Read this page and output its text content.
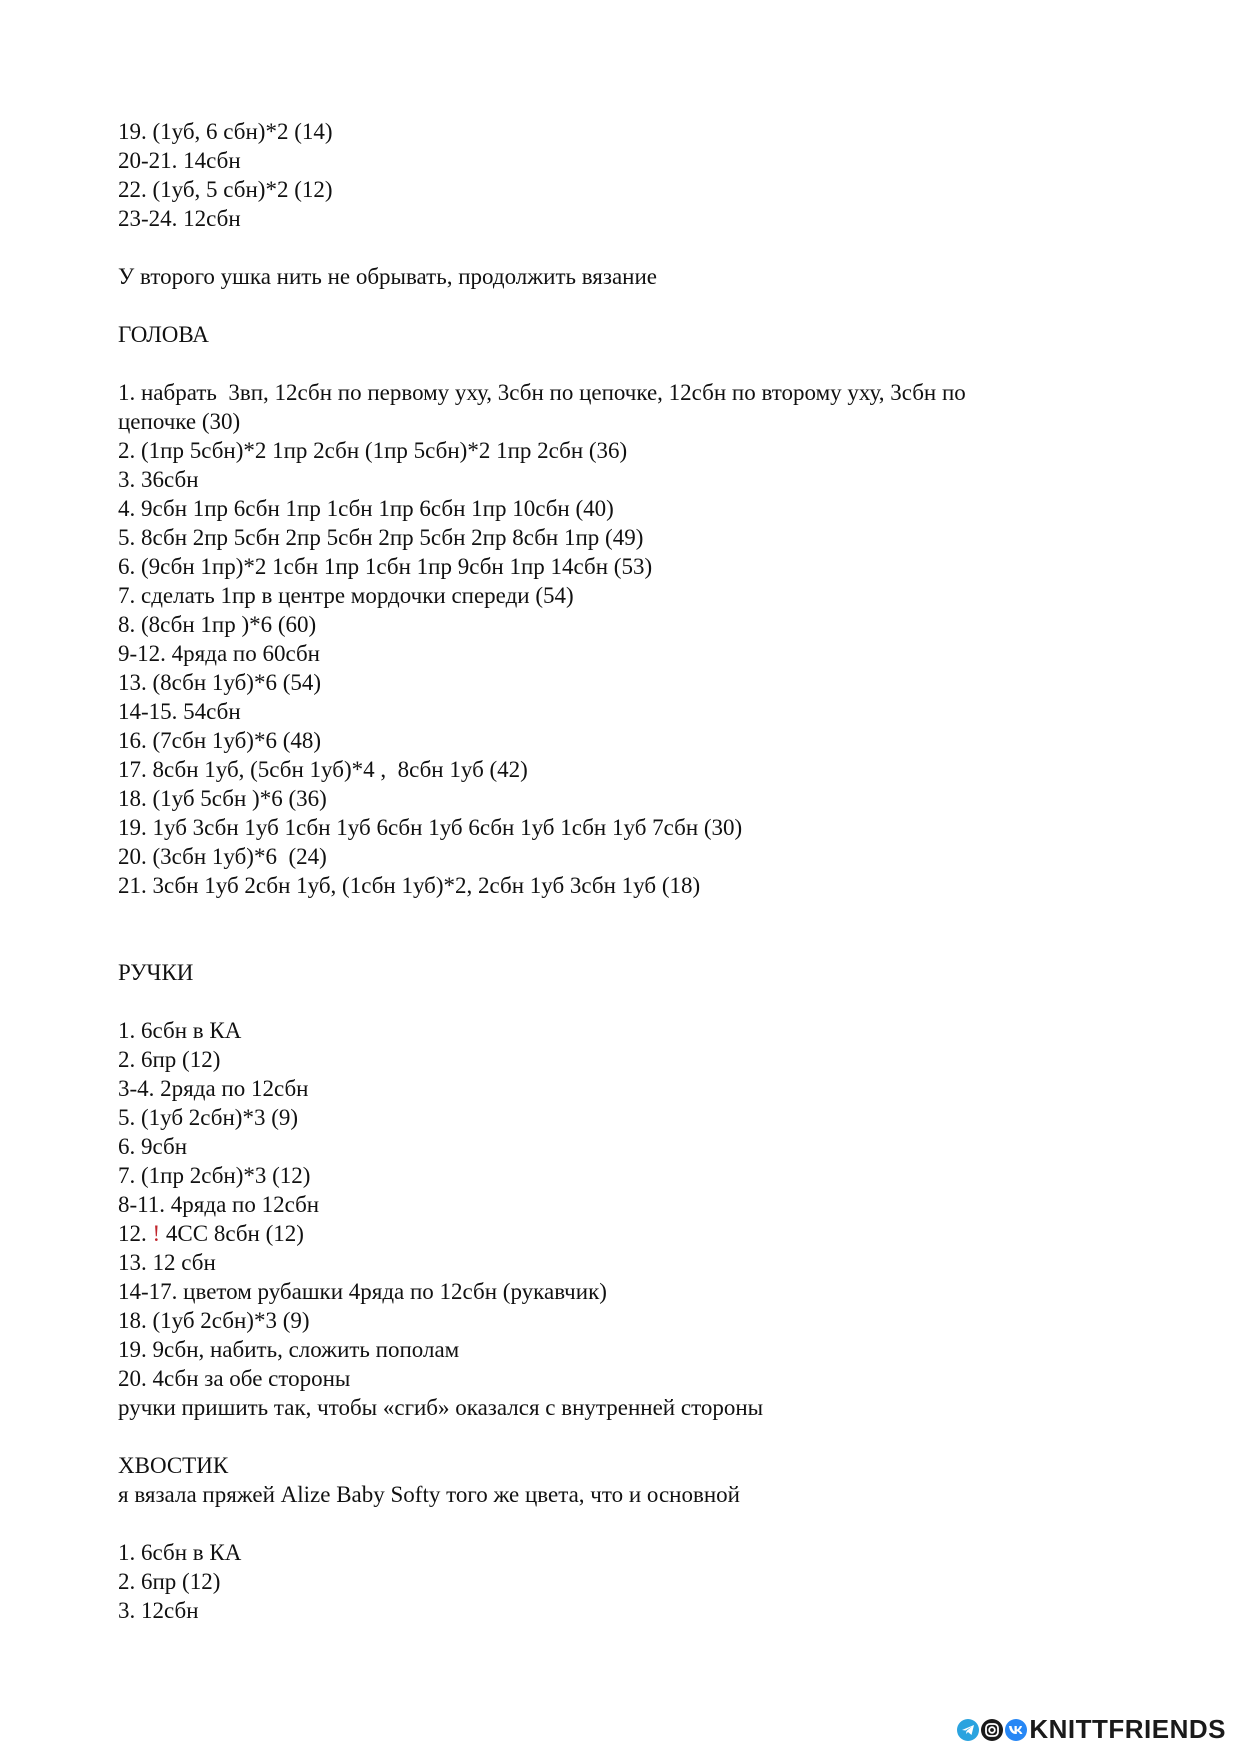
19. (1уб, 6 сбн)*2 (14)
20-21. 14сбн
22. (1уб, 5 сбн)*2 (12)
23-24. 12сбн
У второго ушка нить не обрывать, продолжить вязание
ГОЛОВА
1. набрать  3вп, 12сбн по первому уху, 3сбн по цепочке, 12сбн по второму уху, 3сбн по
цепочке (30)
2. (1пр 5сбн)*2 1пр 2сбн (1пр 5сбн)*2 1пр 2сбн (36)
3. 36сбн
4. 9сбн 1пр 6сбн 1пр 1сбн 1пр 6сбн 1пр 10сбн (40)
5. 8сбн 2пр 5сбн 2пр 5сбн 2пр 5сбн 2пр 8сбн 1пр (49)
6. (9сбн 1пр)*2 1сбн 1пр 1сбн 1пр 9сбн 1пр 14сбн (53)
7. сделать 1пр в центре мордочки спереди (54)
8. (8сбн 1пр )*6 (60)
9-12. 4ряда по 60сбн
13. (8сбн 1уб)*6 (54)
14-15. 54сбн
16. (7сбн 1уб)*6 (48)
17. 8сбн 1уб, (5сбн 1уб)*4 ,  8сбн 1уб (42)
18. (1уб 5сбн )*6 (36)
19. 1уб 3сбн 1уб 1сбн 1уб 6сбн 1уб 6сбн 1уб 1сбн 1уб 7сбн (30)
20. (3сбн 1уб)*6  (24)
21. 3сбн 1уб 2сбн 1уб, (1сбн 1уб)*2, 2сбн 1уб 3сбн 1уб (18)
РУЧКИ
1. 6сбн в КА
2. 6пр (12)
3-4. 2ряда по 12сбн
5. (1уб 2сбн)*3 (9)
6. 9сбн
7. (1пр 2сбн)*3 (12)
8-11. 4ряда по 12сбн
12. ! 4СС 8сбн (12)
13. 12 сбн
14-17. цветом рубашки 4ряда по 12сбн (рукавчик)
18. (1уб 2сбн)*3 (9)
19. 9сбн, набить, сложить пополам
20. 4сбн за обе стороны
ручки пришить так, чтобы «сгиб» оказался с внутренней стороны
ХВОСТИК
я вязала пряжей Alize Baby Softy того же цвета, что и основной
1. 6сбн в КА
2. 6пр (12)
3. 12сбн
KNITTFRIENDS
